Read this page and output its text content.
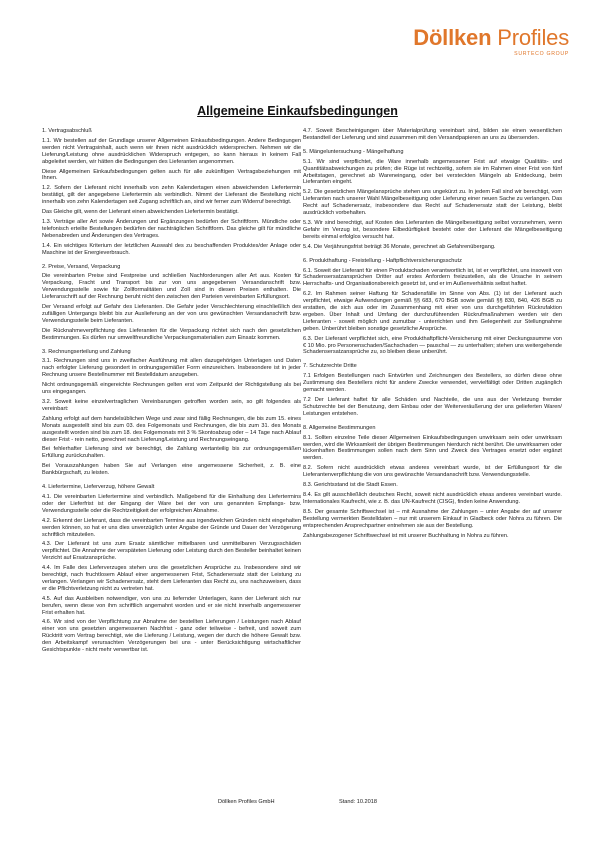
Döllken Profiles
SURTECO GROUP
Allgemeine Einkaufsbedingungen
1. Vertragsabschluß

1.1. Wir bestellen auf der Grundlage unserer Allgemeinen Einkaufsbedingungen. Andere Bedingungen werden nicht Vertragsinhalt, auch wenn wir ihnen nicht ausdrücklich widersprechen. Nehmen wir die Lieferung/Leistung ohne ausdrücklichen Widerspruch entgegen, so kann hieraus in keinem Fall abgeleitet werden, wir hätten die Bedingungen des Lieferanten angenommen.

Diese Allgemeinen Einkaufsbedingungen gelten auch für alle zukünftigen Vertragsbeziehungen mit Ihnen.

1.2. Sofern der Lieferant nicht innerhalb von zehn Kalendertagen einen abweichenden Liefertermin bestätigt, gilt der angegebene Liefertermin als verbindlich. Nimmt der Lieferant die Bestellung nicht innerhalb von zehn Kalendertagen seit Zugang schriftlich an, sind wir ferner zum Widerruf berechtigt.

Das Gleiche gilt, wenn der Lieferant einen abweichenden Liefertermin bestätigt.

1.3. Verträge aller Art sowie Änderungen und Ergänzungen bedürfen der Schriftform. Mündliche oder telefonisch erteilte Bestellungen bedürfen der nachträglichen Schriftform. Das gleiche gilt für mündliche Nebenabreden und Änderungen des Vertrages.

1.4. Ein wichtiges Kriterium der letztlichen Auswahl des zu beschaffenden Produktes/der Anlage oder Maschine ist der Energieverbrauch.

2. Preise, Versand, Verpackung

Die vereinbarten Preise sind Festpreise und schließen Nachforderungen aller Art aus. Kosten für Verpackung, Fracht und Transport bis zur von uns angegebenen Versandanschrift bzw. Verwendungsstelle sowie für Zollformalitäten und Zoll sind in diesen Preisen enthalten. Die Lieferanschrift auf der Rechnung beruht nicht den zwischen den Parteien vereinbarten Erfüllungsort.

Der Versand erfolgt auf Gefahr des Lieferanten. Die Gefahr jeder Verschlechterung einschließlich des zufälligen Untergangs bleibt bis zur Auslieferung an der von uns gewünschten Versandanschrift bzw. Verwendungsstelle beim Lieferanten.

Die Rücknahmeverpflichtung des Lieferanten für die Verpackung richtet sich nach den gesetzlichen Bestimmungen. Es dürfen nur umweltfreundliche Verpackungsmaterialien zum Einsatz kommen.

3. Rechnungserteilung und Zahlung

3.1. Rechnungen sind uns in zweifacher Ausführung mit allen dazugehörigen Unterlagen und Daten nach erfolgter Lieferung gesondert in ordnungsgemäßer Form einzureichen. Insbesondere ist in jeder Rechnung unsere Bestellnummer mit Bestelldatum anzugeben.

Nicht ordnungsgemäß eingereichte Rechnungen gelten erst vom Zeitpunkt der Richtigstellung als bei uns eingegangen.

3.2. Soweit keine einzelvertraglichen Vereinbarungen getroffen worden sein, so gilt folgendes als vereinbart:

Zahlung erfolgt auf dem handelsüblichen Wege und zwar sind fällig Rechnungen, die bis zum 15. eines Monats ausgestellt sind bis zum 03. des Folgemonats und Rechnungen, die bis zum 31. des Monats ausgestellt worden sind bis zum 18. des Folgemonats mit 3 % Skontoabzug oder – 14 Tage nach Ablauf dieser Frist - rein netto, gerechnet nach Lieferung/Leistung und Rechnungseingang.

Bei fehlerhafter Lieferung sind wir berechtigt, die Zahlung wertanteilig bis zur ordnungsgemäßen Erfüllung zurückzuhalten.

Bei Vorauszahlungen haben Sie auf Verlangen eine angemessene Sicherheit, z. B. eine Bankbürgschaft, zu leisten.

4. Liefertermine, Lieferverzug, höhere Gewalt

4.1. Die vereinbarten Liefertermine sind verbindlich. Maßgebend für die Einhaltung des Liefertermins oder der Lieferfrist ist der Eingang der Ware bei der von uns genannten Empfangs- bzw. Verwendungsstelle oder die Rechtzeitigkeit der erfolgreichen Abnahme.

4.2. Erkennt der Lieferant, dass die vereinbarten Termine aus irgendwelchen Gründen nicht eingehalten werden können, so hat er uns dies unverzüglich unter Angabe der Gründe und Dauer der Verzögerung schriftlich mitzuteilen.

4.3. Der Lieferant ist uns zum Ersatz sämtlicher mittelbaren und unmittelbaren Verzugsschäden verpflichtet. Die Annahme der verspäteten Lieferung oder Leistung durch den Besteller beinhaltet keinen Verzicht auf Ersatzansprüche.

4.4. Im Falle des Lieferverzuges stehen uns die gesetzlichen Ansprüche zu. Insbesondere sind wir berechtigt, nach fruchtlosem Ablauf einer angemessenen Frist, Schadenersatz statt der Leistung zu verlangen. Verlangen wir Schadenersatz, steht dem Lieferanten das Recht zu, uns nachzuweisen, dass er die Pflichtverletzung nicht zu vertreten hat.

4.5. Auf das Ausbleiben notwendiger, von uns zu liefernder Unterlagen, kann der Lieferant sich nur berufen, wenn diese von ihm schriftlich angemahnt worden und er sie nicht innerhalb angemessener Frist erhalten hat.

4.6. Wir sind von der Verpflichtung zur Abnahme der bestellten Lieferungen / Leistungen nach Ablauf einer von uns gesetzten angemessenen Nachfrist - ganz oder teilweise - befreit, und soweit zum Rücktritt vom Vertrag berechtigt, wie die Lieferung / Leistung, wegen der durch die höhere Gewalt bzw. den Arbeitskampf verursachten Verzögerungen bei uns - unter Berücksichtigung wirtschaftlicher Gesichtspunkte - nicht mehr verwertbar ist.

4.7. Soweit Bescheinigungen über Materialprüfung vereinbart sind, bilden sie einen wesentlichen Bestandteil der Lieferung und sind zusammen mit den Versandpapieren an uns zu übersenden.

5. Mängeluntersuchung - Mängelhaftung

5.1. Wir sind verpflichtet, die Ware innerhalb angemessener Frist auf etwaige Qualitäts- und Quantitätsabweichungen zu prüfen; die Rüge ist rechtzeitig, sofern sie im Rahmen einer Frist von fünf Arbeitstagen, gerechnet ab Wareneingang, oder bei versteckten Mängeln ab Entdeckung, beim Lieferanten eingeht.

5.2. Die gesetzlichen Mängelansprüche stehen uns ungekürzt zu. In jedem Fall sind wir berechtigt, vom Lieferanten nach unserer Wahl Mängelbeseitigung oder Lieferung einer neuen Sache zu verlangen. Das Recht auf Schadenersatz, insbesondere das Recht auf Schadenersatz statt der Leistung, bleibt ausdrücklich vorbehalten.

5.3. Wir sind berechtigt, auf Kosten des Lieferanten die Mängelbeseitigung selbst vorzunehmen, wenn Gefahr im Verzug ist, besondere Eilbedürftigkeit besteht oder der Lieferant die Mängelbeseitigung bereits einmal erfolglos versucht hat.

5.4. Die Verjährungsfrist beträgt 36 Monate, gerechnet ab Gefahrenübergang.

6. Produkthaftung - Freistellung - Haftpflichtversicherungsschutz

6.1. Soweit der Lieferant für einen Produktschaden verantwortlich ist, ist er verpflichtet, uns insoweit von Schadensersatzansprüchen Dritter auf erstes Anfordern freizustellen, als die Ursache in seinem Herrschafts- und Organisationsbereich gesetzt ist, und er im Außenverhältnis selbst haftet.

6.2. Im Rahmen seiner Haftung für Schadensfälle im Sinne von Abs. (1) ist der Lieferant auch verpflichtet, etwaige Aufwendungen gemäß §§ 683, 670 BGB sowie gemäß §§ 830, 840, 426 BGB zu erstatten, die sich aus oder im Zusammenhang mit einer von uns durchgeführten Rückrufaktion ergeben. Über Inhalt und Umfang der durchzuführenden Rückrufmaßnahmen werden wir den Lieferanten - soweit möglich und zumutbar - unterrichten und ihm Gelegenheit zur Stellungnahme geben. Unberührt bleiben sonstige gesetzliche Ansprüche.

6.3. Der Lieferant verpflichtet sich, eine Produkthaftpflicht-Versicherung mit einer Deckungssumme von € 10 Mio. pro Personenschaden/Sachschaden — pauschal — zu unterhalten; stehen uns weitergehende Schadensersatzansprüche zu, so bleiben diese unberührt.

7. Schutzrechte Dritte

7.1 Erfolgen Bestellungen nach Entwürfen und Zeichnungen des Bestellers, so dürfen diese ohne Zustimmung des Bestellers nicht für andere Zwecke verwendet, vervielfältigt oder Dritten zugänglich gemacht werden.

7.2 Der Lieferant haftet für alle Schäden und Nachteile, die uns aus der Verletzung fremder Schutzrechte bei der Benutzung, dem Einbau oder der Weiterveräußerung der uns gelieferten Waren/ Leistungen entstehen.

8. Allgemeine Bestimmungen

8.1. Sollten einzelne Teile dieser Allgemeinen Einkaufsbedingungen unwirksam sein oder unwirksam werden, wird die Wirksamkeit der übrigen Bestimmungen hierdurch nicht berührt. Die unwirksamen oder lückenhaften Bestimmungen sollen nach dem Sinn und Zweck des Vertrages ersetzt oder ergänzt werden.

8.2. Sofern nicht ausdrücklich etwas anderes vereinbart wurde, ist der Erfüllungsort für die Lieferantenverpflichtung die von uns gewünschte Versandanschrift bzw. Verwendungsstelle.

8.3. Gerichtsstand ist die Stadt Essen.

8.4. Es gilt ausschließlich deutsches Recht, soweit nicht ausdrücklich etwas anderes vereinbart wurde. Internationales Kaufrecht, wie z. B. das UN-Kaufrecht (CISG), finden keine Anwendung.

8.5. Der gesamte Schriftwechsel ist – mit Ausnahme der Zahlungen – unter Angabe der auf unserer Bestellung vermerkten Bestelldaten – nur mit unserem Einkauf in Gladbeck oder Nohra zu führen. Die entsprechenden Ansprechpartner entnehmen sie aus der Bestellung.

Zahlungsbezogener Schriftwechsel ist mit unserer Buchhaltung in Nohra zu führen.

Döllken Profiles GmbH	Stand: 10.2018
